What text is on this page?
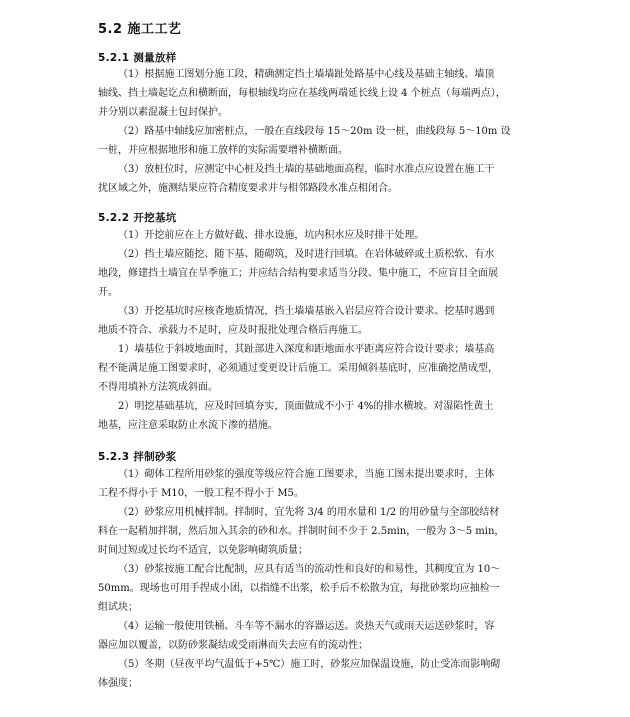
5.2 施工工艺
5.2.1 测量放样
（1）根据施工图划分施工段，精确测定挡土墙墙趾处路基中心线及基础主轴线、墙顶
轴线、挡土墙起讫点和横断面，每根轴线均应在基线两端延长线上设 4 个桩点（每端两点），
并分别以素混凝土包封保护。
（2）路基中轴线应加密桩点，一般在直线段每 15～20m 设一桩，曲线段每 5～10m 设
一桩，并应根据地形和施工放样的实际需要增补横断面。
（3）放桩位时，应测定中心桩及挡土墙的基础地面高程，临时水准点应设置在施工干
扰区域之外，施测结果应符合精度要求并与相邻路段水准点相闭合。
5.2.2 开挖基坑
（1）开挖前应在上方做好截、排水设施，坑内积水应及时排干处理。
（2）挡土墙应随挖、随下基、随砌筑，及时进行回填。在岩体破碎或土质松软、有水
地段，修建挡土墙宜在旱季施工；并应结合结构要求适当分段、集中施工，不应盲目全面展
开。
（3）开挖基坑时应核查地质情况，挡土墙墙基嵌入岩层应符合设计要求。挖基时遇到
地质不符合、承载力不足时，应及时报批处理合格后再施工。
1）墙基位于斜坡地面时，其趾部进入深度和距地面水平距离应符合设计要求；墙基高
程不能满足施工图要求时，必须通过变更设计后施工。采用倾斜基底时，应准确挖凿成型，
不得用填补方法筑成斜面。
2）明挖基础基坑，应及时回填夯实，顶面做成不小于 4%的排水横坡。对湿陷性黄土
地基，应注意采取防止水流下渗的措施。
5.2.3 拌制砂浆
（1）砌体工程所用砂浆的强度等级应符合施工图要求，当施工图未提出要求时，主体
工程不得小于 M10，一般工程不得小于 M5。
（2）砂浆应用机械拌制。拌制时，宜先将 3/4 的用水量和 1/2 的用砂量与全部胶结材
料在一起稍加拌制，然后加入其余的砂和水。拌制时间不少于 2.5min，一般为 3～5 min，
时间过短或过长均不适宜，以免影响砌筑质量；
（3）砂浆按施工配合比配制，应具有适当的流动性和良好的和易性，其稠度宜为 10～
50mm。现场也可用手捏成小团，以指缝不出浆，松手后不松散为宜，每批砂浆均应抽检一
组试块；
（4）运输一般使用铁桶、斗车等不漏水的容器运送。炎热天气或雨天运送砂浆时，容
器应加以覆盖，以防砂浆凝结或受雨淋而失去应有的流动性；
（5）冬期（昼夜平均气温低于+5℃）施工时，砂浆应加保温设施，防止受冻而影响砌
体强度；
